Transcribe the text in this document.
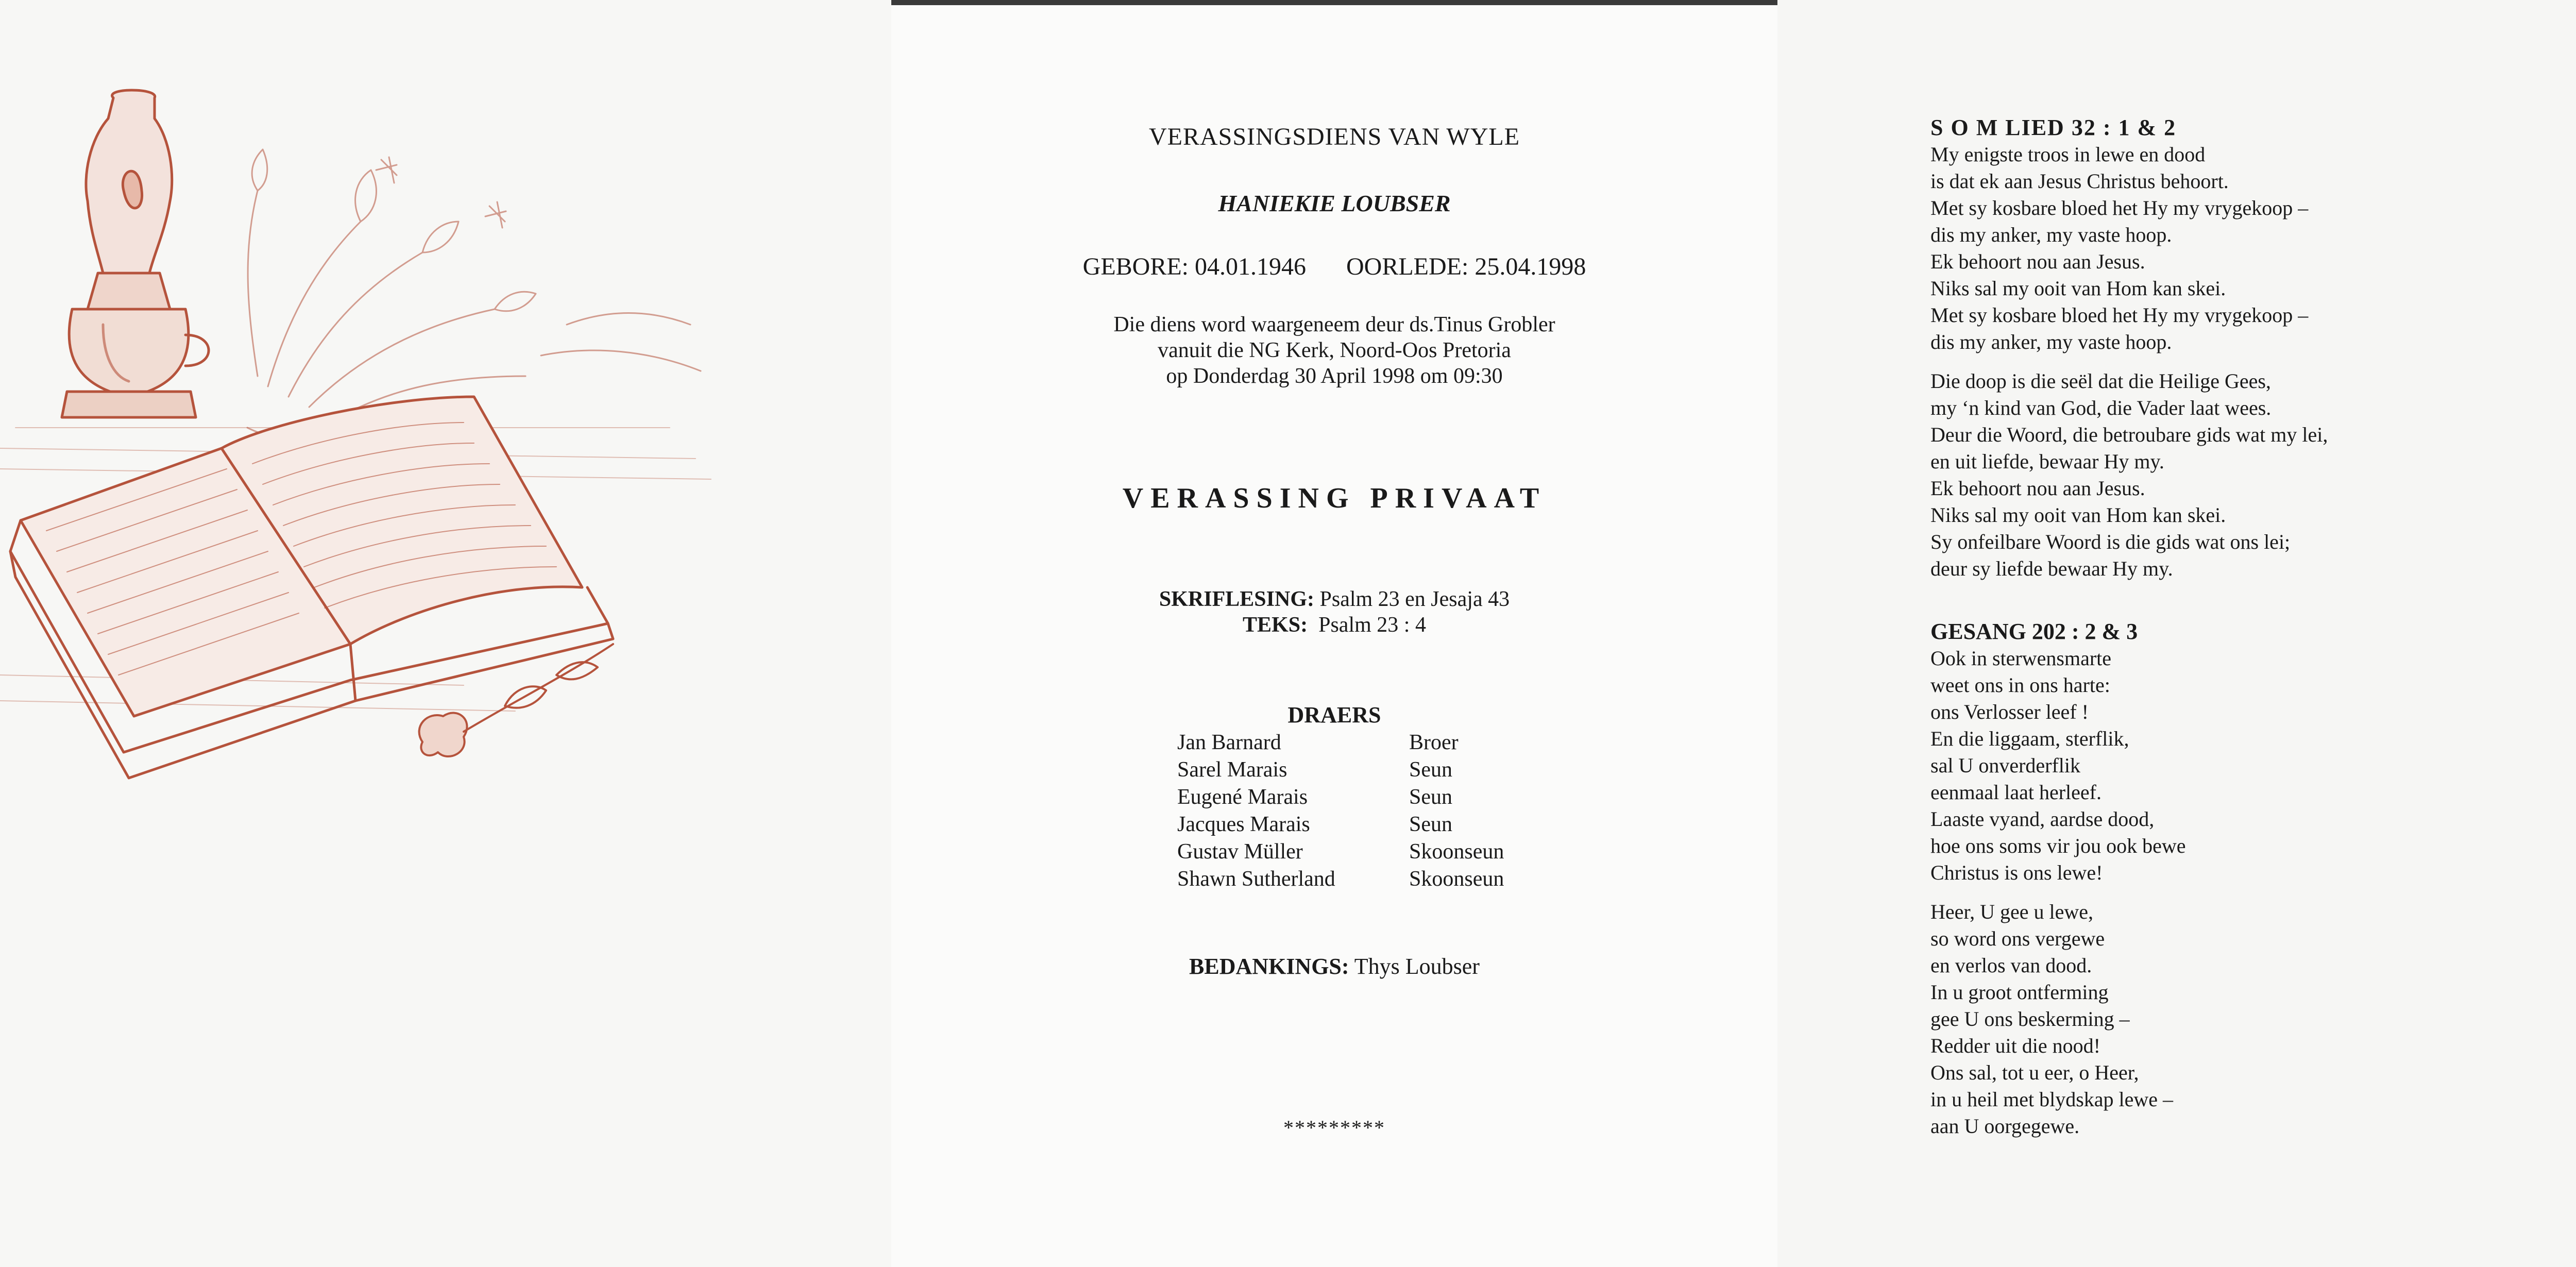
VERASSINGSDIENS VAN WYLE
HANIEKIE LOUBSER
GEBORE: 04.01.1946 OORLEDE: 25.04.1998
Die diens word waargeneem deur ds.Tinus Grobler
vanuit die NG Kerk, Noord-Oos Pretoria
op Donderdag 30 April 1998 om 09:30
VERASSING PRIVAAT
SKRIFLESING: Psalm 23 en Jesaja 43
TEKS: Psalm 23 : 4
DRAERS
Jan Barnard	Broer
Sarel Marais	Seun
Eugené Marais	Seun
Jacques Marais	Seun
Gustav Müller	Skoonseun
Shawn Sutherland	Skoonseun
BEDANKINGS: Thys Loubser
*********
S O M LIED 32 : 1 & 2
My enigste troos in lewe en dood
is dat ek aan Jesus Christus behoort.
Met sy kosbare bloed het Hy my vrygekoop –
dis my anker, my vaste hoop.
Ek behoort nou aan Jesus.
Niks sal my ooit van Hom kan skei.
Met sy kosbare bloed het Hy my vrygekoop –
dis my anker, my vaste hoop.
Die doop is die seël dat die Heilige Gees,
my ‘n kind van God, die Vader laat wees.
Deur die Woord, die betroubare gids wat my lei,
en uit liefde, bewaar Hy my.
Ek behoort nou aan Jesus.
Niks sal my ooit van Hom kan skei.
Sy onfeilbare Woord is die gids wat ons lei;
deur sy liefde bewaar Hy my.
GESANG 202 : 2 & 3
Ook in sterwensmarte
weet ons in ons harte:
ons Verlosser leef !
En die liggaam, sterflik,
sal U onverderflik
eenmaal laat herleef.
Laaste vyand, aardse dood,
hoe ons soms vir jou ook bewe
Christus is ons lewe!
Heer, U gee u lewe,
so word ons vergewe
en verlos van dood.
In u groot ontferming
gee U ons beskerming –
Redder uit die nood!
Ons sal, tot u eer, o Heer,
in u heil met blydskap lewe –
aan U oorgegewe.
